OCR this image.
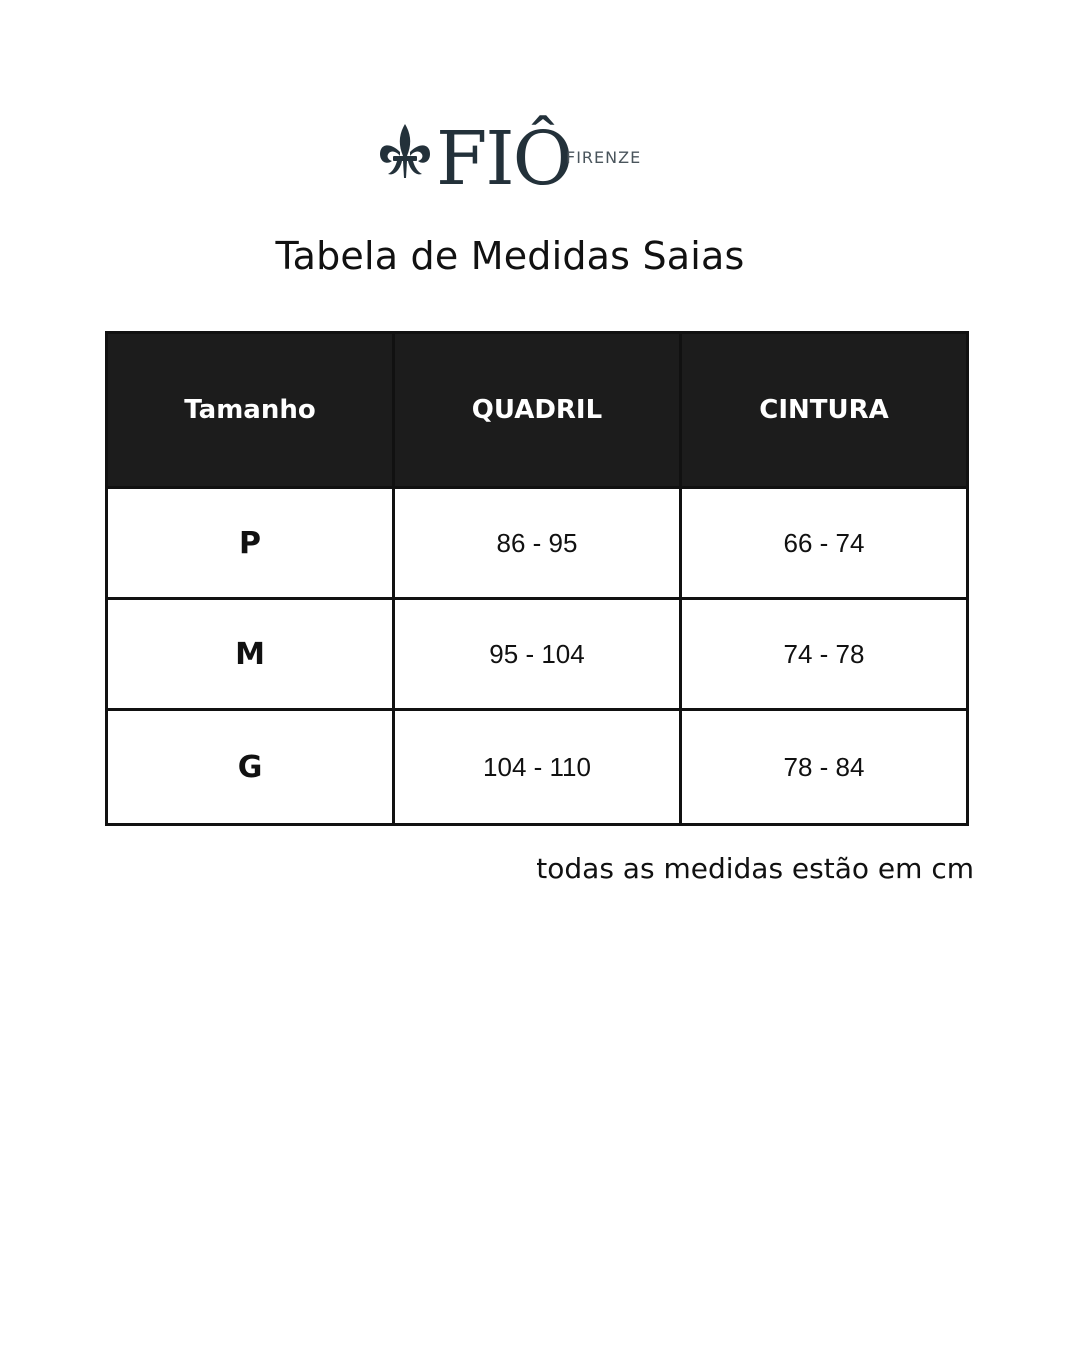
FIÔ
FIRENZE
Tabela de Medidas Saias
Tamanho	QUADRIL	CINTURA
P	86 - 95	66 - 74
M	95 - 104	74 - 78
G	104 - 110	78 - 84
todas as medidas estão em cm
